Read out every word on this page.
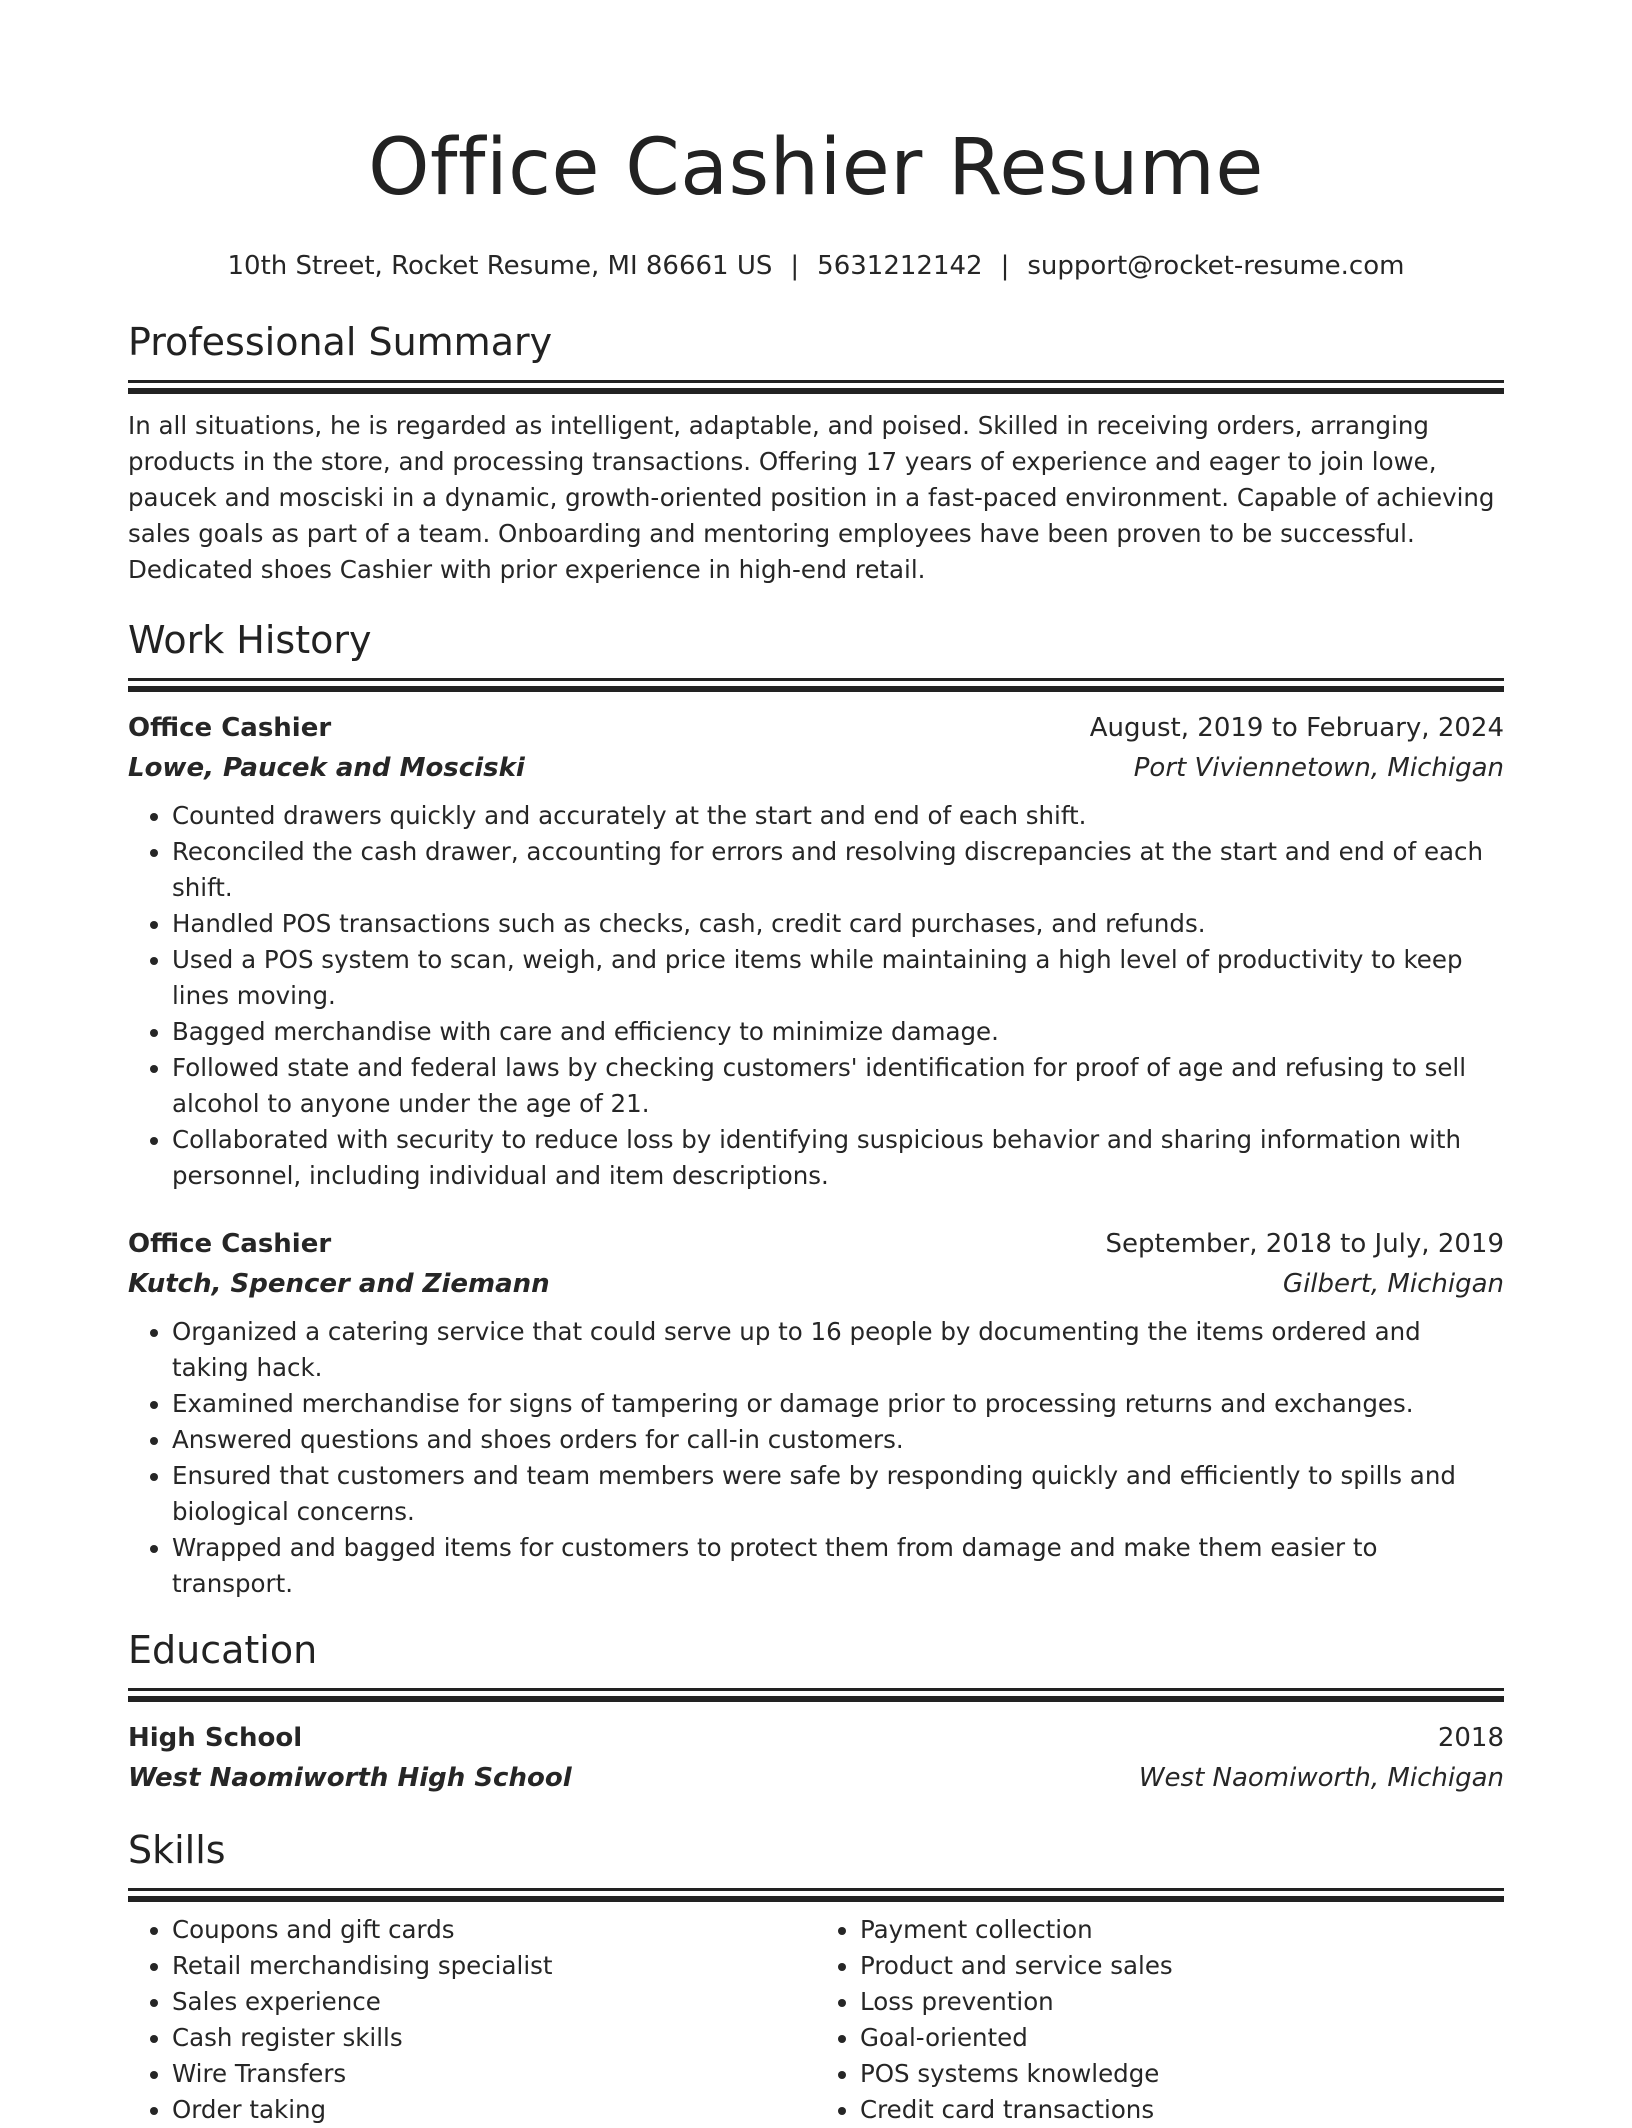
Office Cashier Resume
10th Street, Rocket Resume, MI 86661 US | 5631212142 | support@rocket-resume.com
Professional Summary
In all situations, he is regarded as intelligent, adaptable, and poised. Skilled in receiving orders, arranging products in the store, and processing transactions. Offering 17 years of experience and eager to join lowe, paucek and mosciski in a dynamic, growth-oriented position in a fast-paced environment. Capable of achieving sales goals as part of a team. Onboarding and mentoring employees have been proven to be successful. Dedicated shoes Cashier with prior experience in high-end retail.
Work History
Office Cashier	August, 2019 to February, 2024
Lowe, Paucek and Mosciski	Port Viviennetown, Michigan
• Counted drawers quickly and accurately at the start and end of each shift.
• Reconciled the cash drawer, accounting for errors and resolving discrepancies at the start and end of each shift.
• Handled POS transactions such as checks, cash, credit card purchases, and refunds.
• Used a POS system to scan, weigh, and price items while maintaining a high level of productivity to keep lines moving.
• Bagged merchandise with care and efficiency to minimize damage.
• Followed state and federal laws by checking customers' identification for proof of age and refusing to sell alcohol to anyone under the age of 21.
• Collaborated with security to reduce loss by identifying suspicious behavior and sharing information with personnel, including individual and item descriptions.
Office Cashier	September, 2018 to July, 2019
Kutch, Spencer and Ziemann	Gilbert, Michigan
• Organized a catering service that could serve up to 16 people by documenting the items ordered and taking hack.
• Examined merchandise for signs of tampering or damage prior to processing returns and exchanges.
• Answered questions and shoes orders for call-in customers.
• Ensured that customers and team members were safe by responding quickly and efficiently to spills and biological concerns.
• Wrapped and bagged items for customers to protect them from damage and make them easier to transport.
Education
High School	2018
West Naomiworth High School	West Naomiworth, Michigan
Skills
• Coupons and gift cards
• Retail merchandising specialist
• Sales experience
• Cash register skills
• Wire Transfers
• Order taking
• Payment collection
• Product and service sales
• Loss prevention
• Goal-oriented
• POS systems knowledge
• Credit card transactions
